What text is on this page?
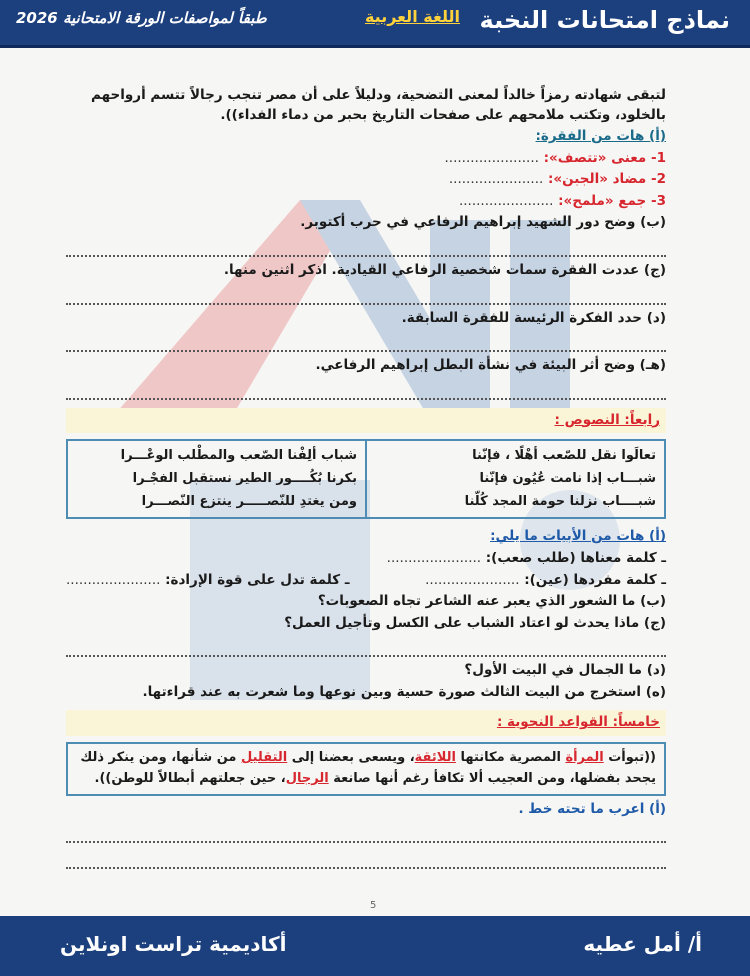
نماذج امتحانات النخبة
اللغة العربية
طبقاً لمواصفات الورقة الامتحانية 2026
لتبقى شهادته رمزاً خالداً لمعنى التضحية، ودليلاً على أن مصر تنجب رجالاً تتسم أرواحهم بالخلود، وتكتب ملامحهم على صفحات التاريخ بحبر من دماء الفداء)).
(أ) هات من الفقرة:
1- معنى «تتصف»: ......................
2- مضاد «الجبن»: ......................
3- جمع «ملمح»: ......................
(ب) وضح دور الشهيد إبراهيم الرفاعي في حرب أكتوبر.
(ج) عددت الفقرة سمات شخصية الرفاعي القيادية. اذكر اثنين منها.
(د) حدد الفكرة الرئيسة للفقرة السابقة.
(هـ) وضح أثر البيئة في نشأة البطل إبراهيم الرفاعي.
رابعاً: النصوص :
تعالَوا نقل للصّعب أهْلًا ، فإنّنا
شبـــاب إذا نامت عُيُون فإنّنا
شبــــاب نزلنا حومة المجد كُلّنا
شباب ألِفْنا الصّعب والمطْلب الوعْـــرا
بكرنا بُكُــــور الطير نستقبل الفجْـرا
ومن يغتدِ للنّصـــــر ينتزع النّصـــرا
(أ) هات من الأبيات ما يلي:
ـ كلمة معناها (طلب صعب): ......................
ـ كلمة مفردها (عين): ......................
ـ كلمة تدل على قوة الإرادة: ......................
(ب) ما الشعور الذي يعبر عنه الشاعر تجاه الصعوبات؟
(ج) ماذا يحدث لو اعتاد الشباب على الكسل وتأجيل العمل؟
(د) ما الجمال في البيت الأول؟
(ه) استخرج من البيت الثالث صورة حسية وبين نوعها وما شعرت به عند قراءتها.
خامساً: القواعد النحوية :
((تبوأت المرأة المصرية مكانتها اللائقة، ويسعى بعضنا إلى التقليل من شأنها، ومن ينكر ذلك يجحد بفضلها، ومن العجيب ألا تكافأ رغم أنها صانعة الرجال، حين جعلتهم أبطالاً للوطن)).
(أ) اعرب ما تحته خط .
5
أ/ أمل عطيه
أكاديمية تراست اونلاين
